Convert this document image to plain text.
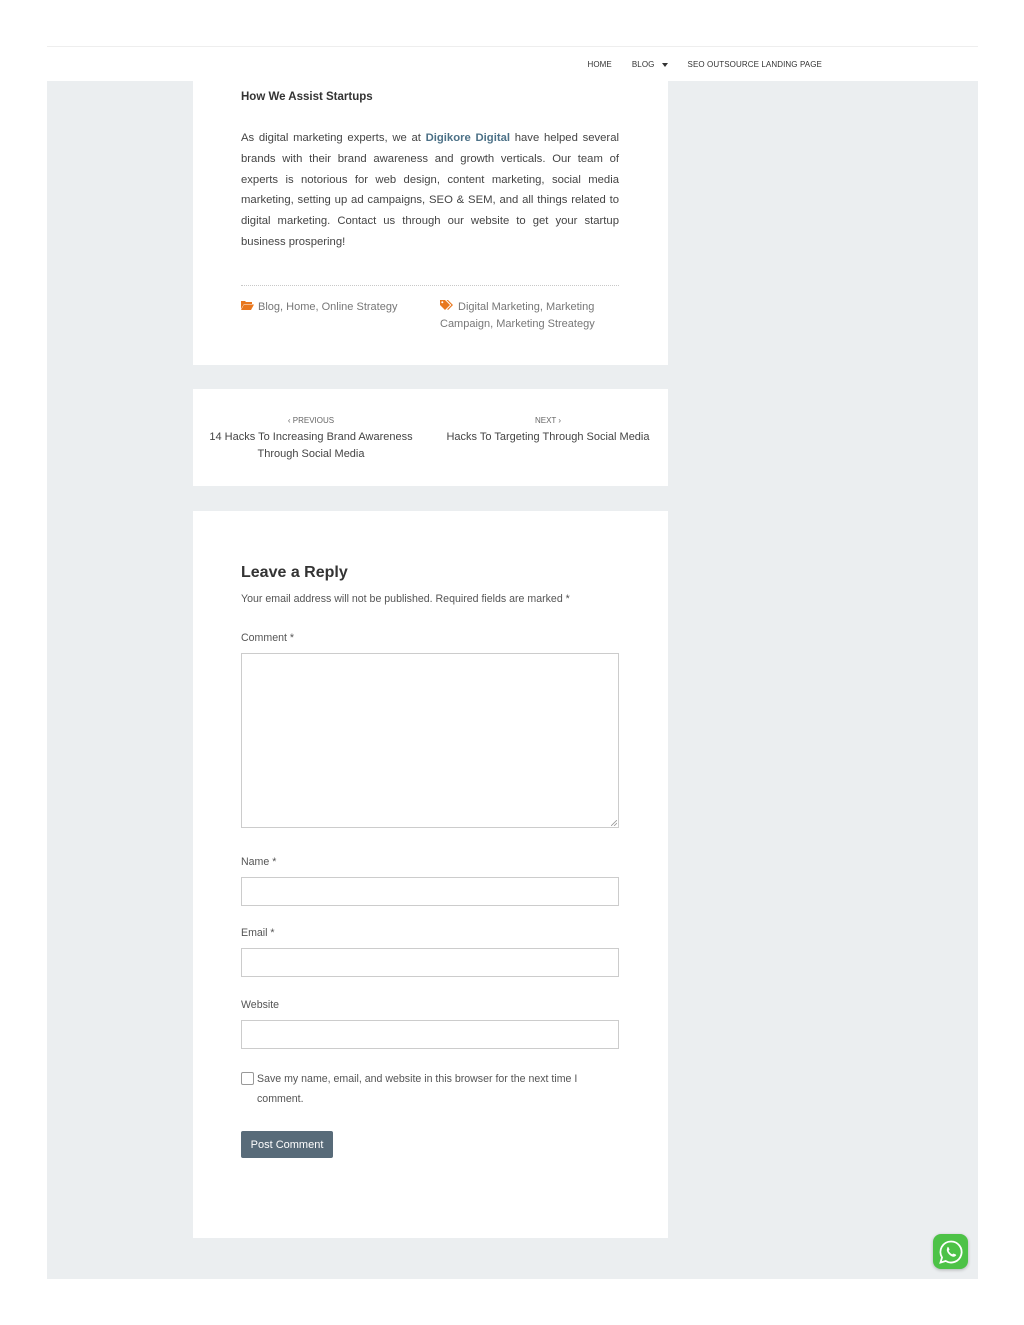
HOME	BLOG	SEO OUTSOURCE LANDING PAGE
How We Assist Startups

As digital marketing experts, we at Digikore Digital have helped several brands with their brand awareness and growth verticals. Our team of experts is notorious for web design, content marketing, social media marketing, setting up ad campaigns, SEO & SEM, and all things related to digital marketing. Contact us through our website to get your startup business prospering!

Blog, Home, Online Strategy	Digital Marketing, Marketing Campaign, Marketing Streategy
‹ PREVIOUS
14 Hacks To Increasing Brand Awareness Through Social Media
NEXT ›
Hacks To Targeting Through Social Media
Leave a Reply

Your email address will not be published. Required fields are marked *

Comment *
Name *
Email *
Website
Save my name, email, and website in this browser for the next time I comment.
Post Comment
